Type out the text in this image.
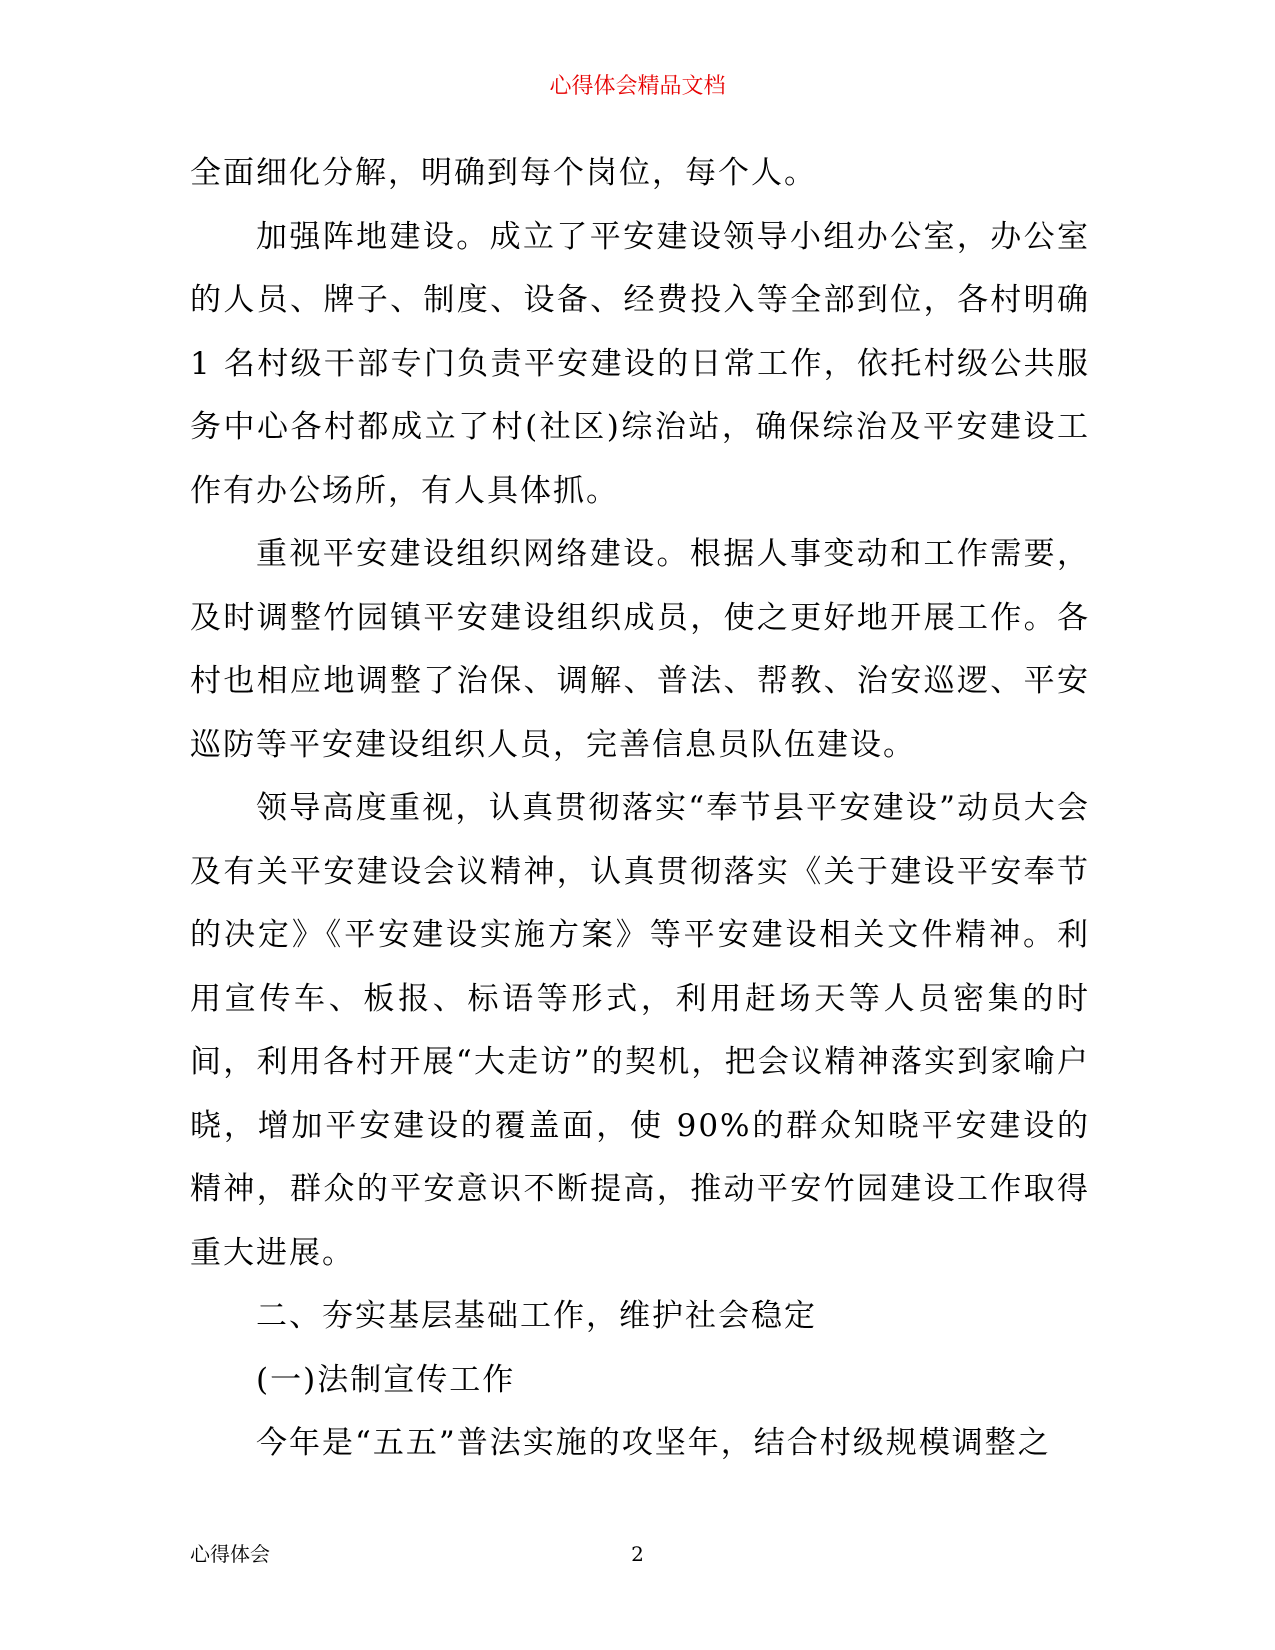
心得体会精品文档

全面细化分解，明确到每个岗位，每个人。

加强阵地建设。成立了平安建设领导小组办公室，办公室的人员、牌子、制度、设备、经费投入等全部到位，各村明确 1 名村级干部专门负责平安建设的日常工作，依托村级公共服务中心各村都成立了村(社区)综治站，确保综治及平安建设工作有办公场所，有人具体抓。

重视平安建设组织网络建设。根据人事变动和工作需要，及时调整竹园镇平安建设组织成员，使之更好地开展工作。各村也相应地调整了治保、调解、普法、帮教、治安巡逻、平安巡防等平安建设组织人员，完善信息员队伍建设。

领导高度重视，认真贯彻落实“奉节县平安建设”动员大会及有关平安建设会议精神，认真贯彻落实《关于建设平安奉节的决定》《平安建设实施方案》等平安建设相关文件精神。利用宣传车、板报、标语等形式，利用赶场天等人员密集的时间，利用各村开展“大走访”的契机，把会议精神落实到家喻户晓，增加平安建设的覆盖面，使 90%的群众知晓平安建设的精神，群众的平安意识不断提高，推动平安竹园建设工作取得重大进展。

二、夯实基层基础工作，维护社会稳定

(一)法制宣传工作

今年是“五五”普法实施的攻坚年，结合村级规模调整之

心得体会	2
